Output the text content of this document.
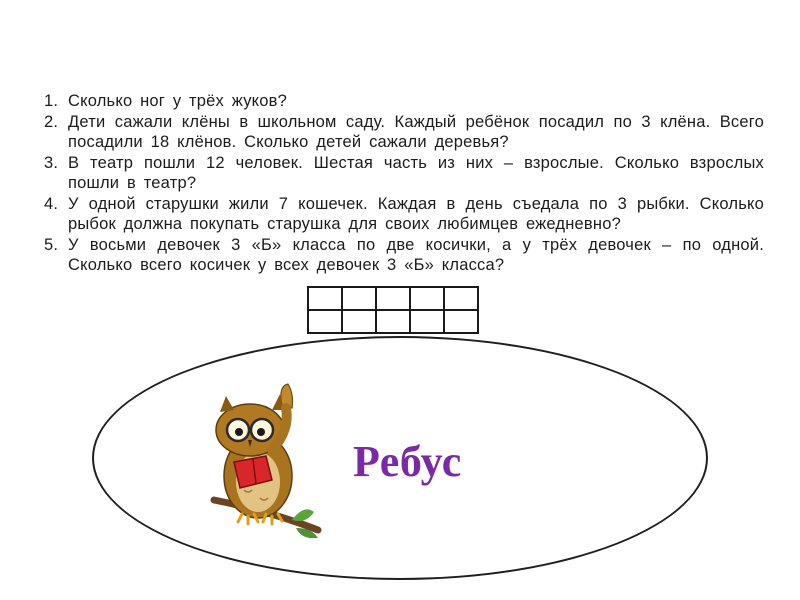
1. Сколько ног у трёх жуков?
2. Дети сажали клёны в школьном саду. Каждый ребёнок посадил по 3 клёна. Всего посадили 18 клёнов. Сколько детей сажали деревья?
3. В театр пошли 12 человек. Шестая часть из них – взрослые. Сколько взрослых пошли в театр?
4. У одной старушки жили 7 кошечек. Каждая в день съедала по 3 рыбки. Сколько рыбок должна покупать старушка для своих любимцев ежедневно?
5. У восьми девочек 3 «Б» класса по две косички, а у трёх девочек – по одной. Сколько всего косичек у всех девочек 3 «Б» класса?

Ребус
